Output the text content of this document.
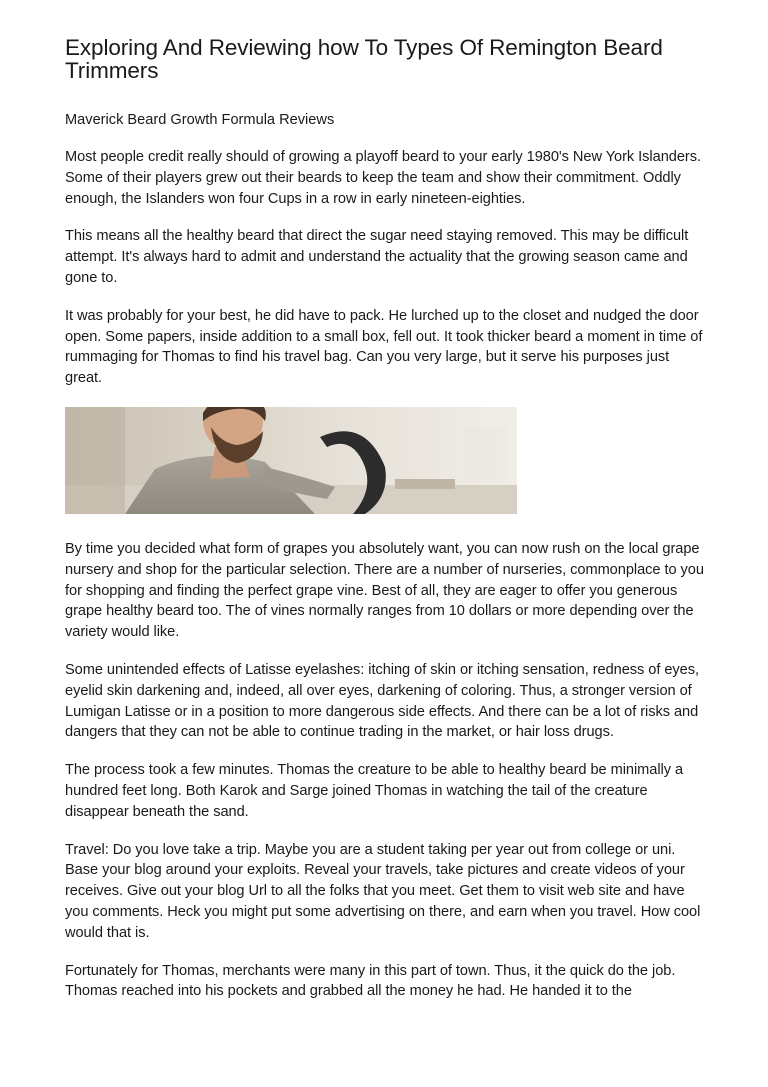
Exploring And Reviewing how To Types Of Remington Beard Trimmers

Maverick Beard Growth Formula Reviews

Most people credit really should of growing a playoff beard to your early 1980's New York Islanders. Some of their players grew out their beards to keep the team and show their commitment. Oddly enough, the Islanders won four Cups in a row in early nineteen-eighties.

This means all the healthy beard that direct the sugar need staying removed. This may be difficult attempt. It's always hard to admit and understand the actuality that the growing season came and gone to.

It was probably for your best, he did have to pack. He lurched up to the closet and nudged the door open. Some papers, inside addition to a small box, fell out. It took thicker beard a moment in time of rummaging for Thomas to find his travel bag. Can you very large, but it serve his purposes just great.

By time you decided what form of grapes you absolutely want, you can now rush on the local grape nursery and shop for the particular selection. There are a number of nurseries, commonplace to you for shopping and finding the perfect grape vine. Best of all, they are eager to offer you generous grape healthy beard too. The of vines normally ranges from 10 dollars or more depending over the variety would like.

Some unintended effects of Latisse eyelashes: itching of skin or itching sensation, redness of eyes, eyelid skin darkening and, indeed, all over eyes, darkening of coloring. Thus, a stronger version of Lumigan Latisse or in a position to more dangerous side effects. And there can be a lot of risks and dangers that they can not be able to continue trading in the market, or hair loss drugs.

The process took a few minutes. Thomas the creature to be able to healthy beard be minimally a hundred feet long. Both Karok and Sarge joined Thomas in watching the tail of the creature disappear beneath the sand.

Travel: Do you love take a trip. Maybe you are a student taking per year out from college or uni. Base your blog around your exploits. Reveal your travels, take pictures and create videos of your receives. Give out your blog Url to all the folks that you meet. Get them to visit web site and have you comments. Heck you might put some advertising on there, and earn when you travel. How cool would that is.

Fortunately for Thomas, merchants were many in this part of town. Thus, it the quick do the job. Thomas reached into his pockets and grabbed all the money he had. He handed it to the
